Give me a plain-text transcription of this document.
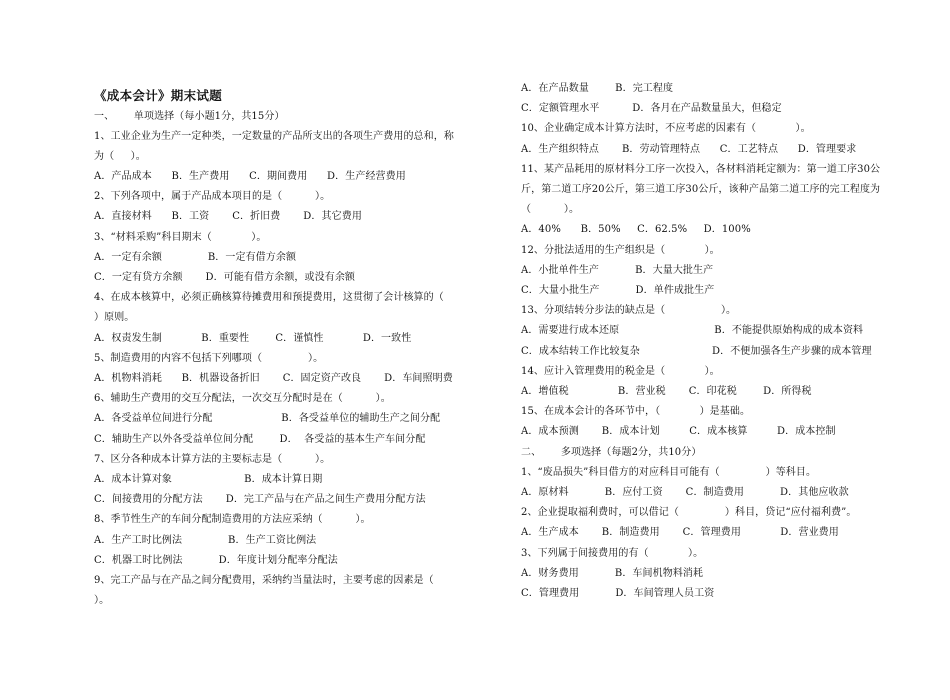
《成本会计》期末试题
一、      单项选择（每小题1分，共15分）
1、工业企业为生产一定种类，一定数量的产品所支出的各项生产费用的总和，称
为（     ）。
A．产品成本      B．生产费用      C．期间费用      D．生产经营费用
2、下列各项中，属于产品成本项目的是（          ）。
A．直接材料      B．工资       C．折旧费       D．其它费用
3、“材料采购”科目期末（            ）。
A．一定有余额              B．一定有借方余额
C．一定有贷方余额       D．可能有借方余额，或没有余额
4、在成本核算中，必须正确核算待摊费用和预提费用，这贯彻了会计核算的（
）原则。
A．权责发生制            B．重要性        C．谨慎性            D．一致性
5、制造费用的内容不包括下列哪项（              ）。
A．机物料消耗      B．机器设备折旧       C．固定资产改良       D．车间照明费
6、辅助生产费用的交互分配法，一次交互分配时是在（          ）。
A．各受益单位间进行分配                     B．各受益单位的辅助生产之间分配
C．辅助生产以外各受益单位间分配        D．  各受益的基本生产车间分配
7、区分各种成本计算方法的主要标志是（          ）。
A．成本计算对象                      B．成本计算日期
C．间接费用的分配方法       D．完工产品与在产品之间生产费用分配方法
8、季节性生产的车间分配制造费用的方法应采纳（          ）。
A．生产工时比例法              B．生产工资比例法
C．机器工时比例法           D．年度计划分配率分配法
9、完工产品与在产品之间分配费用，采纳约当量法时，主要考虑的因素是（
）。
A．在产品数量        B．完工程度
C．定额管理水平          D．各月在产品数量虽大，但稳定
10、企业确定成本计算方法时，不应考虑的因素有（            ）。
A．生产组织特点       B．劳动管理特点      C．工艺特点      D．管理要求
11、某产品耗用的原材料分工序一次投入，各材料消耗定额为：第一道工序30公
斤，第二道工序20公斤，第三道工序30公斤，该种产品第二道工序的完工程度为
（          ）。
A．40%      B．50%     C．62.5%     D．100%
12、分批法适用的生产组织是（            ）。
A．小批单件生产           B．大量大批生产
C．大量小批生产           D．单件成批生产
13、分项结转分步法的缺点是（                 ）。
A．需要进行成本还原                             B．不能提供原始构成的成本资料
C．成本结转工作比较复杂                      D．不便加强各生产步骤的成本管理
14、应计入管理费用的税金是（            ）。
A．增值税               B．营业税       C．印花税        D．所得税
15、在成本会计的各环节中，（            ）是基础。
A．成本预测       B．成本计划         C．成本核算         D．成本控制
二、      多项选择（每题2分，共10分）
1、“废品损失”科目借方的对应科目可能有（              ）等科目。
A．原材料           B．应付工资       C．制造费用           D．其他应收款
2、企业提取福利费时，可以借记（              ）科目，贷记“应付福利费”。
A．生产成本       B．制造费用       C．管理费用            D．营业费用
3、下列属于间接费用的有（            ）。
A．财务费用           B．车间机物料消耗
C．管理费用           D．车间管理人员工资
